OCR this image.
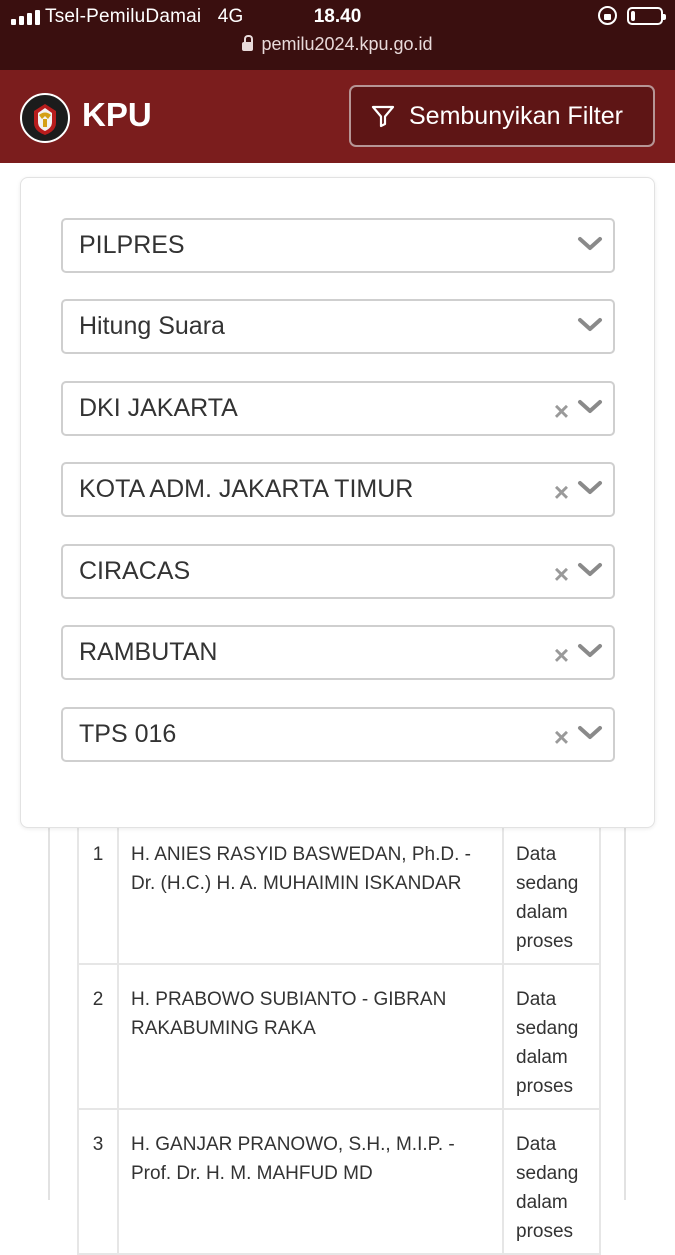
Tsel-PemiluDamai 4G	18.40
pemilu2024.kpu.go.id
KPU	Sembunyikan Filter
PILPRES
Hitung Suara
DKI JAKARTA	×
KOTA ADM. JAKARTA TIMUR	×
CIRACAS	×
RAMBUTAN	×
TPS 016	×
1	H. ANIES RASYID BASWEDAN, Ph.D. -
Dr. (H.C.) H. A. MUHAIMIN ISKANDAR	Data sedang dalam proses
2	H. PRABOWO SUBIANTO - GIBRAN
RAKABUMING RAKA	Data sedang dalam proses
3	H. GANJAR PRANOWO, S.H., M.I.P. -
Prof. Dr. H. M. MAHFUD MD	Data sedang dalam proses
